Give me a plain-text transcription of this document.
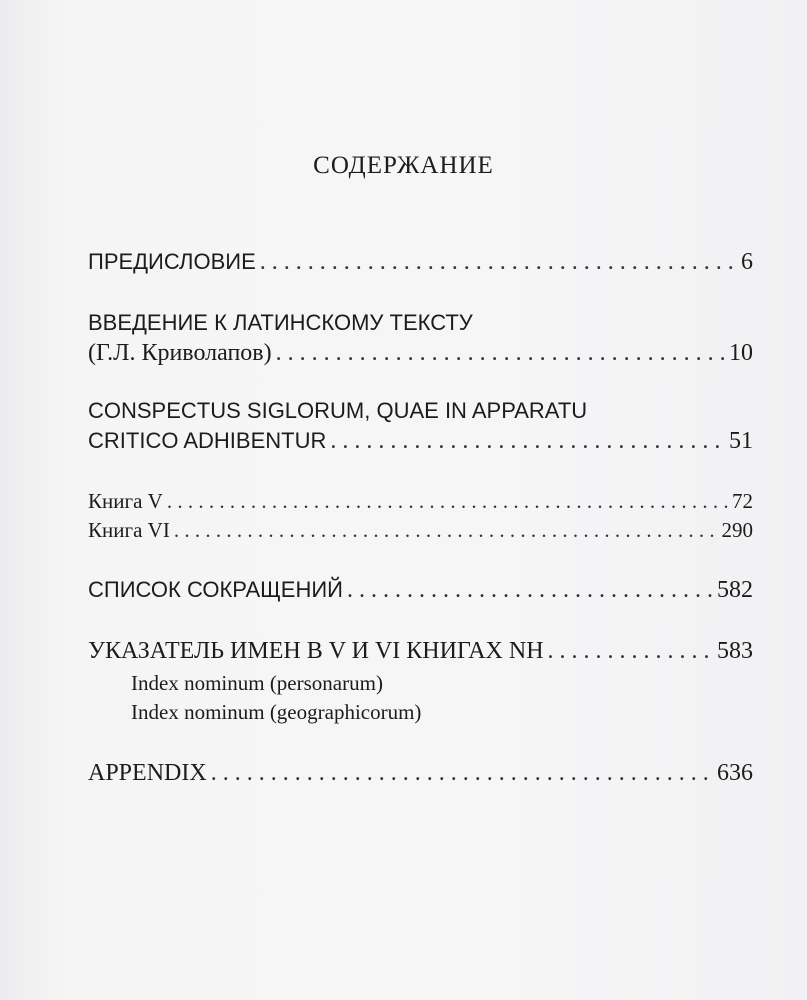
СОДЕРЖАНИЕ
ПРЕДИСЛОВИЕ . . .	6
ВВЕДЕНИЕ К ЛАТИНСКОМУ ТЕКСТУ
(Г.Л. Криволапов) . . .	10
CONSPECTUS SIGLORUM, QUAE IN APPARATU
CRITICO ADHIBENTUR . . .	51
Книга V . . .	72
Книга VI . . .	290
СПИСОК СОКРАЩЕНИЙ . . .	582
УКАЗАТЕЛЬ ИМЕН В V И VI КНИГАХ NH . . .	583
Index nominum (personarum)
Index nominum (geographicorum)
APPENDIX . . .	636
